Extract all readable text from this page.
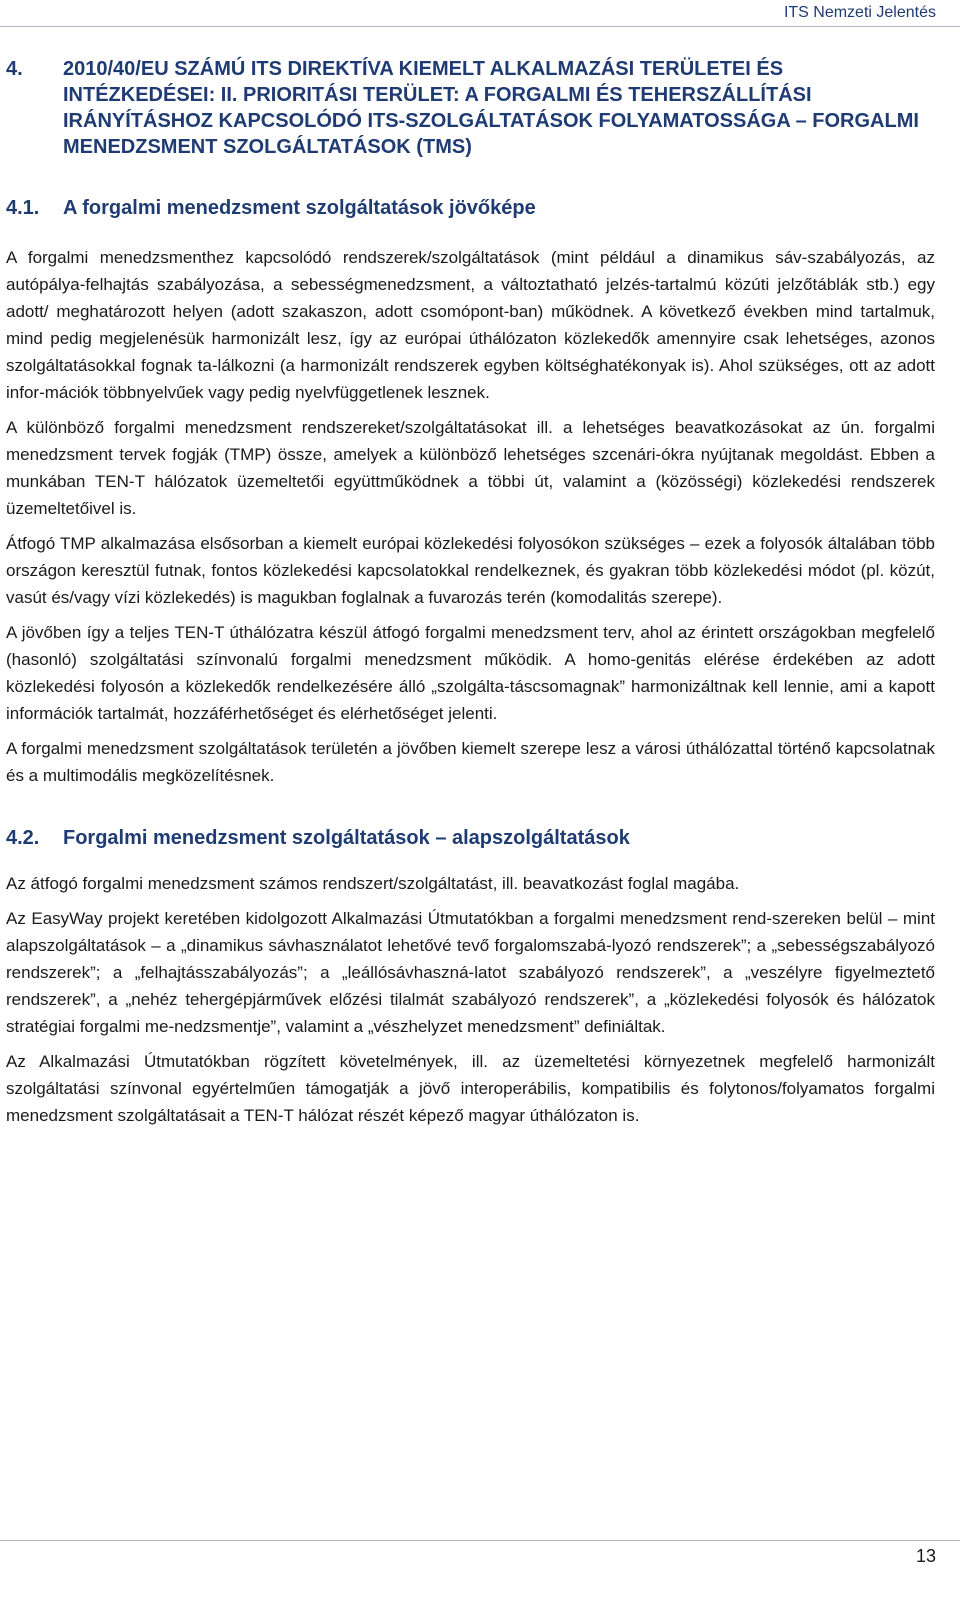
ITS Nemzeti Jelentés
4.	2010/40/EU SZÁMÚ ITS DIREKTÍVA KIEMELT ALKALMAZÁSI TERÜLETEI ÉS INTÉZKEDÉSEI: II. PRIORITÁSI TERÜLET: A FORGALMI ÉS TEHERSZÁLLÍTÁSI IRÁNYÍTÁSHOZ KAPCSOLÓDÓ ITS-SZOLGÁLTATÁSOK FOLYAMATOSSÁGA – FORGALMI MENEDZSMENT SZOLGÁLTATÁSOK (TMS)
4.1.	A forgalmi menedzsment szolgáltatások jövőképe

A forgalmi menedzsmenthez kapcsolódó rendszerek/szolgáltatások (mint például a dinamikus sáv-szabályozás, az autópálya-felhajtás szabályozása, a sebességmenedzsment, a változtatható jelzés-tartalmú közúti jelzőtáblák stb.) egy adott/ meghatározott helyen (adott szakaszon, adott csomópont-ban) működnek. A következő években mind tartalmuk, mind pedig megjelenésük harmonizált lesz, így az európai úthálózaton közlekedők amennyire csak lehetséges, azonos szolgáltatásokkal fognak ta-lálkozni (a harmonizált rendszerek egyben költséghatékonyak is). Ahol szükséges, ott az adott infor-mációk többnyelvűek vagy pedig nyelvfüggetlenek lesznek.

A különböző forgalmi menedzsment rendszereket/szolgáltatásokat ill. a lehetséges beavatkozásokat az ún. forgalmi menedzsment tervek fogják (TMP) össze, amelyek a különböző lehetséges szcenári-ókra nyújtanak megoldást. Ebben a munkában TEN-T hálózatok üzemeltetői együttműködnek a többi út, valamint a (közösségi) közlekedési rendszerek üzemeltetőivel is.

Átfogó TMP alkalmazása elsősorban a kiemelt európai közlekedési folyosókon szükséges – ezek a folyosók általában több országon keresztül futnak, fontos közlekedési kapcsolatokkal rendelkeznek, és gyakran több közlekedési módot (pl. közút, vasút és/vagy vízi közlekedés) is magukban foglalnak a fuvarozás terén (komodalitás szerepe).

A jövőben így a teljes TEN-T úthálózatra készül átfogó forgalmi menedzsment terv, ahol az érintett országokban megfelelő (hasonló) szolgáltatási színvonalú forgalmi menedzsment működik. A homo-genitás elérése érdekében az adott közlekedési folyosón a közlekedők rendelkezésére álló „szolgálta-táscsomagnak” harmonizáltnak kell lennie, ami a kapott információk tartalmát, hozzáférhetőséget és elérhetőséget jelenti.

A forgalmi menedzsment szolgáltatások területén a jövőben kiemelt szerepe lesz a városi úthálózattal történő kapcsolatnak és a multimodális megközelítésnek.

4.2.	Forgalmi menedzsment szolgáltatások – alapszolgáltatások

Az átfogó forgalmi menedzsment számos rendszert/szolgáltatást, ill. beavatkozást foglal magába.

Az EasyWay projekt keretében kidolgozott Alkalmazási Útmutatókban a forgalmi menedzsment rend-szereken belül – mint alapszolgáltatások – a „dinamikus sávhasználatot lehetővé tevő forgalomszabá-lyozó rendszerek”; a „sebességszabályozó rendszerek”; a „felhajtásszabályozás”; a „leállósávhaszná-latot szabályozó rendszerek”, a „veszélyre figyelmeztető rendszerek”, a „nehéz tehergépjárművek előzési tilalmát szabályozó rendszerek”, a „közlekedési folyosók és hálózatok stratégiai forgalmi me-nedzsmentje”, valamint a „vészhelyzet menedzsment” definiáltak.

Az Alkalmazási Útmutatókban rögzített követelmények, ill. az üzemeltetési környezetnek megfelelő harmonizált szolgáltatási színvonal egyértelműen támogatják a jövő interoperábilis, kompatibilis és folytonos/folyamatos forgalmi menedzsment szolgáltatásait a TEN-T hálózat részét képező magyar úthálózaton is.

13
